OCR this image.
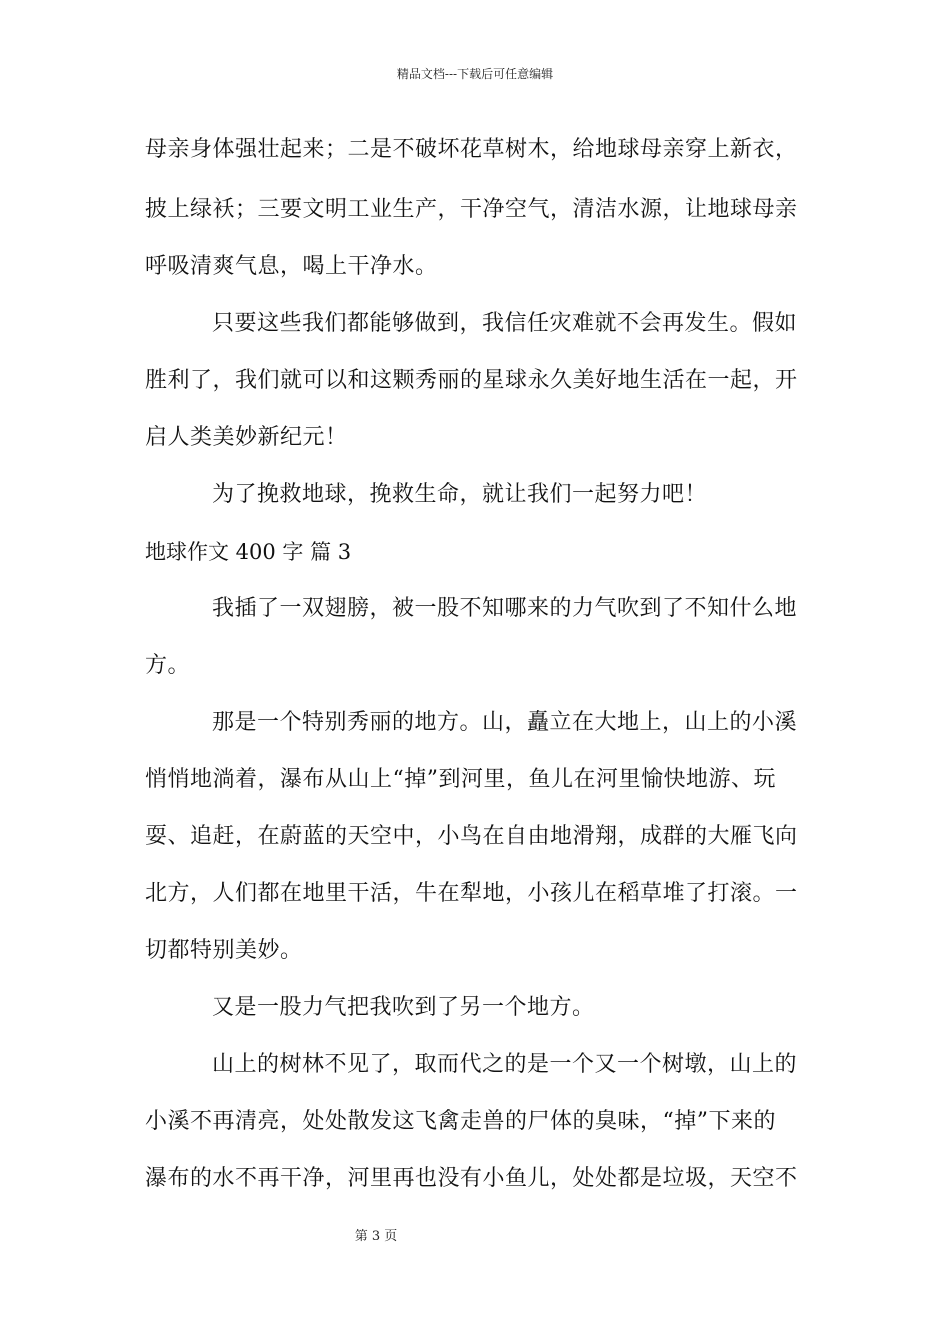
精品文档---下载后可任意编辑
母亲身体强壮起来；二是不破坏花草树木，给地球母亲穿上新衣，
披上绿袄；三要文明工业生产，干净空气，清洁水源，让地球母亲
呼吸清爽气息，喝上干净水。
只要这些我们都能够做到，我信任灾难就不会再发生。假如
胜利了，我们就可以和这颗秀丽的星球永久美好地生活在一起，开
启人类美妙新纪元！
为了挽救地球，挽救生命，就让我们一起努力吧！
地球作文 400 字 篇 3
我插了一双翅膀，被一股不知哪来的力气吹到了不知什么地
方。
那是一个特别秀丽的地方。山，矗立在大地上，山上的小溪
悄悄地淌着，瀑布从山上“掉”到河里，鱼儿在河里愉快地游、玩
耍、追赶，在蔚蓝的天空中，小鸟在自由地滑翔，成群的大雁飞向
北方，人们都在地里干活，牛在犁地，小孩儿在稻草堆了打滚。一
切都特别美妙。
又是一股力气把我吹到了另一个地方。
山上的树林不见了，取而代之的是一个又一个树墩，山上的
小溪不再清亮，处处散发这飞禽走兽的尸体的臭味，“掉”下来的
瀑布的水不再干净，河里再也没有小鱼儿，处处都是垃圾，天空不
第 3 页
